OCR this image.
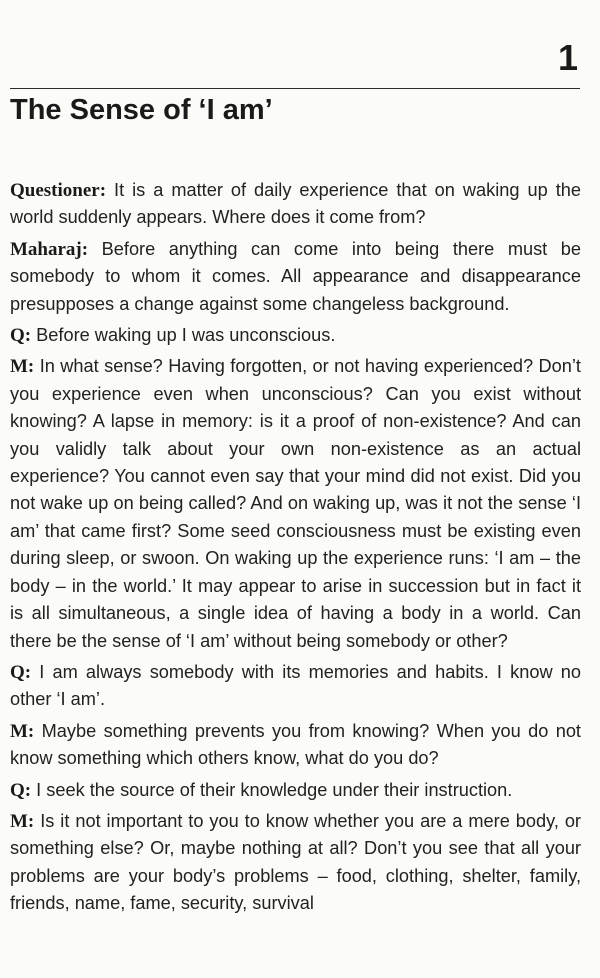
1
The Sense of ‘I am’

Questioner: It is a matter of daily experience that on waking up the world suddenly appears. Where does it come from?

Maharaj: Before anything can come into being there must be somebody to whom it comes. All appearance and disappearance presupposes a change against some changeless background.

Q: Before waking up I was unconscious.

M: In what sense? Having forgotten, or not having experienced? Don’t you experience even when unconscious? Can you exist without knowing? A lapse in memory: is it a proof of non-existence? And can you validly talk about your own non-existence as an actual experience? You cannot even say that your mind did not exist. Did you not wake up on being called? And on waking up, was it not the sense ‘I am’ that came first? Some seed consciousness must be existing even during sleep, or swoon. On waking up the experience runs: ‘I am – the body – in the world.’ It may appear to arise in succession but in fact it is all simultaneous, a single idea of having a body in a world. Can there be the sense of ‘I am’ without being somebody or other?

Q: I am always somebody with its memories and habits. I know no other ‘I am’.

M: Maybe something prevents you from knowing? When you do not know something which others know, what do you do?

Q: I seek the source of their knowledge under their instruction.

M: Is it not important to you to know whether you are a mere body, or something else? Or, maybe nothing at all? Don’t you see that all your problems are your body’s problems – food, clothing, shelter, family, friends, name, fame, security, survival
